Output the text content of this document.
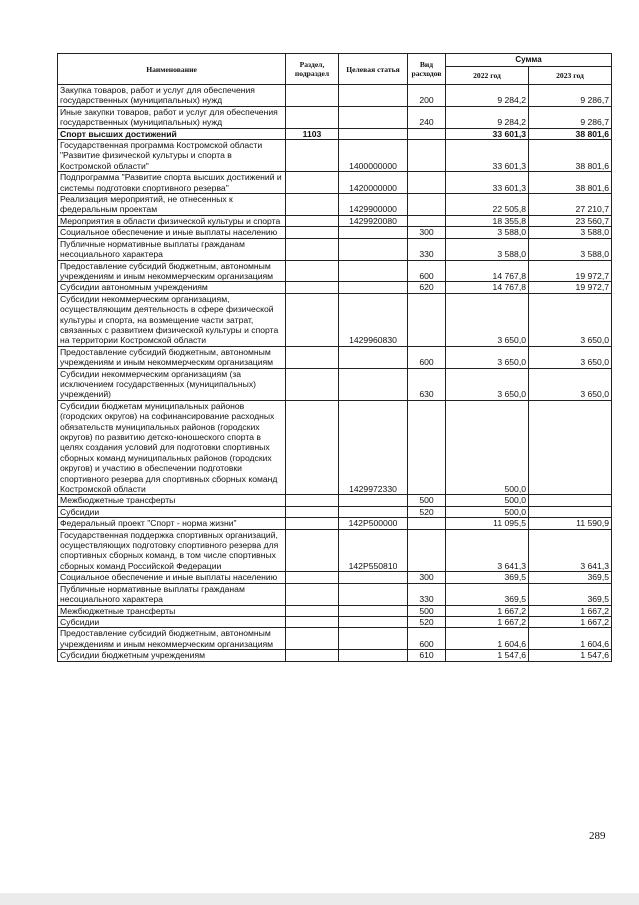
Наименование	Раздел, подраздел	Целевая статья	Вид расходов	Сумма	
				2022 год	2023 год
Закупка товаров, работ и услуг для обеспечения государственных (муниципальных) нужд			200	9 284,2	9 286,7
Иные закупки товаров, работ и услуг для обеспечения государственных (муниципальных) нужд			240	9 284,2	9 286,7
Спорт высших достижений	1103			33 601,3	38 801,6
Государственная программа Костромской области "Развитие физической культуры и спорта в Костромской области"		1400000000		33 601,3	38 801,6
Подпрограмма "Развитие спорта высших достижений и системы подготовки спортивного резерва"		1420000000		33 601,3	38 801,6
Реализация мероприятий, не отнесенных к федеральным проектам		1429900000		22 505,8	27 210,7
Мероприятия в области физической культуры и спорта		1429920080		18 355,8	23 560,7
Социальное обеспечение и иные выплаты населению			300	3 588,0	3 588,0
Публичные нормативные выплаты гражданам несоциального характера			330	3 588,0	3 588,0
Предоставление субсидий бюджетным, автономным учреждениям и иным некоммерческим организациям			600	14 767,8	19 972,7
Субсидии автономным учреждениям			620	14 767,8	19 972,7
Субсидии некоммерческим организациям, осуществляющим деятельность в сфере физической культуры и спорта, на возмещение части затрат, связанных с развитием физической культуры и спорта на территории Костромской области		1429960830		3 650,0	3 650,0
Предоставление субсидий бюджетным, автономным учреждениям и иным некоммерческим организациям			600	3 650,0	3 650,0
Субсидии некоммерческим организациям (за исключением государственных (муниципальных) учреждений)			630	3 650,0	3 650,0
Субсидии бюджетам муниципальных районов (городских округов) на софинансирование расходных обязательств муниципальных районов (городских округов) по развитию детско-юношеского спорта в целях создания условий для подготовки спортивных сборных команд муниципальных районов (городских округов) и участию в обеспечении подготовки спортивного резерва для спортивных сборных команд Костромской области		1429972330		500,0	
Межбюджетные трансферты			500	500,0	
Субсидии			520	500,0	
Федеральный проект "Спорт - норма жизни"		142P500000		11 095,5	11 590,9
Государственная поддержка спортивных организаций, осуществляющих подготовку спортивного резерва для спортивных сборных команд, в том числе спортивных сборных команд Российской Федерации		142P550810		3 641,3	3 641,3
Социальное обеспечение и иные выплаты населению			300	369,5	369,5
Публичные нормативные выплаты гражданам несоциального характера			330	369,5	369,5
Межбюджетные трансферты			500	1 667,2	1 667,2
Субсидии			520	1 667,2	1 667,2
Предоставление субсидий бюджетным, автономным учреждениям и иным некоммерческим организациям			600	1 604,6	1 604,6
Субсидии бюджетным учреждениям			610	1 547,6	1 547,6
289
